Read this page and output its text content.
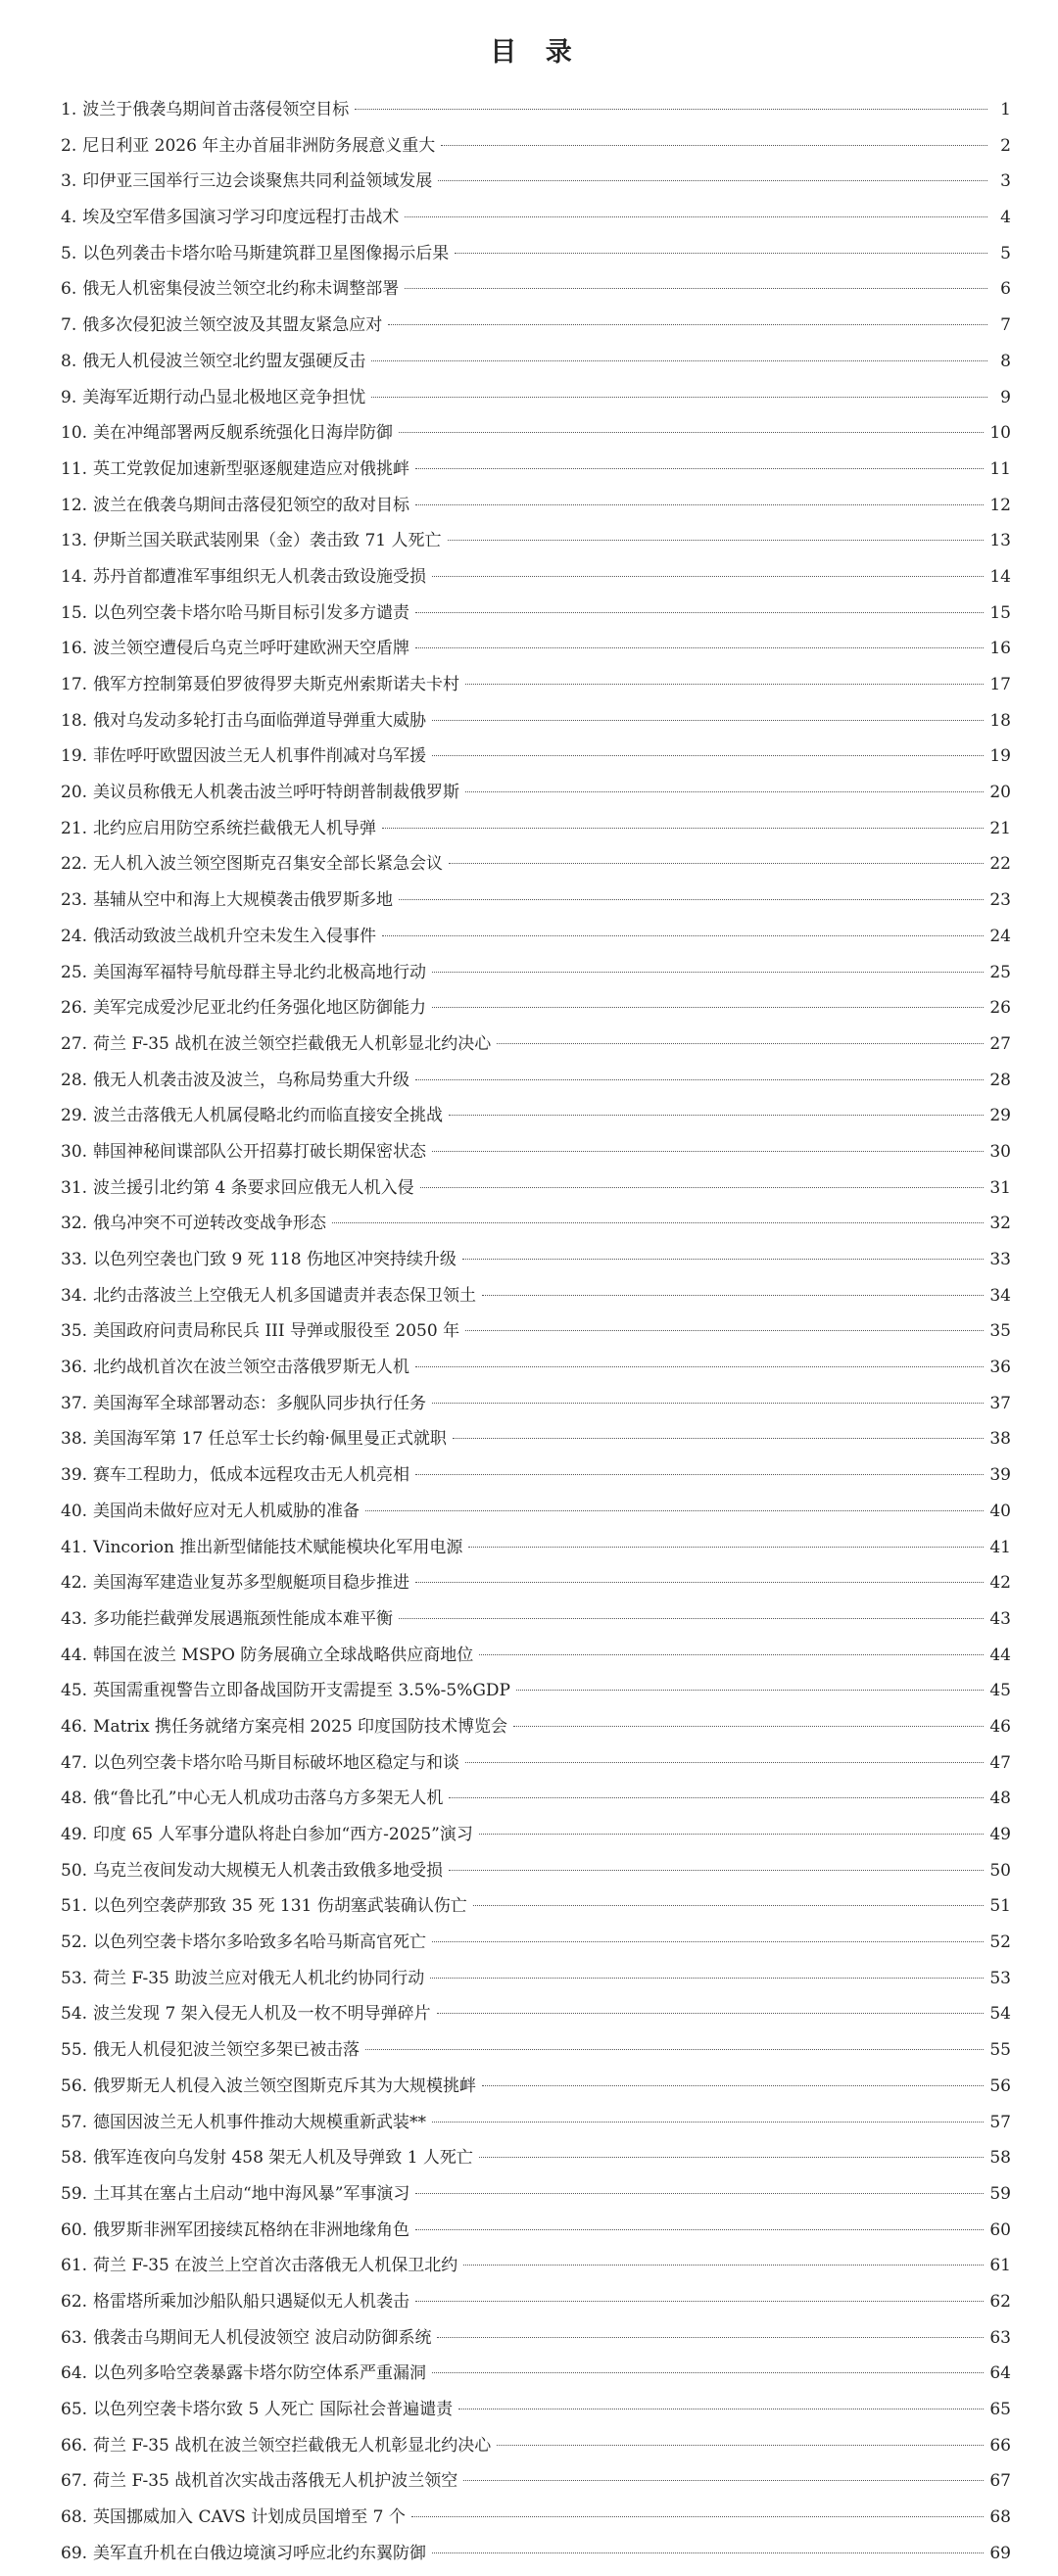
目 录
1. 波兰于俄袭乌期间首击落侵领空目标	1
2. 尼日利亚 2026 年主办首届非洲防务展意义重大	2
3. 印伊亚三国举行三边会谈聚焦共同利益领域发展	3
4. 埃及空军借多国演习学习印度远程打击战术	4
5. 以色列袭击卡塔尔哈马斯建筑群卫星图像揭示后果	5
6. 俄无人机密集侵波兰领空北约称未调整部署	6
7. 俄多次侵犯波兰领空波及其盟友紧急应对	7
8. 俄无人机侵波兰领空北约盟友强硬反击	8
9. 美海军近期行动凸显北极地区竞争担忧	9
10. 美在冲绳部署两反舰系统强化日海岸防御	10
11. 英工党敦促加速新型驱逐舰建造应对俄挑衅	11
12. 波兰在俄袭乌期间击落侵犯领空的敌对目标	12
13. 伊斯兰国关联武装刚果（金）袭击致 71 人死亡	13
14. 苏丹首都遭准军事组织无人机袭击致设施受损	14
15. 以色列空袭卡塔尔哈马斯目标引发多方谴责	15
16. 波兰领空遭侵后乌克兰呼吁建欧洲天空盾牌	16
17. 俄军方控制第聂伯罗彼得罗夫斯克州索斯诺夫卡村	17
18. 俄对乌发动多轮打击乌面临弹道导弹重大威胁	18
19. 菲佐呼吁欧盟因波兰无人机事件削减对乌军援	19
20. 美议员称俄无人机袭击波兰呼吁特朗普制裁俄罗斯	20
21. 北约应启用防空系统拦截俄无人机导弹	21
22. 无人机入波兰领空图斯克召集安全部长紧急会议	22
23. 基辅从空中和海上大规模袭击俄罗斯多地	23
24. 俄活动致波兰战机升空未发生入侵事件	24
25. 美国海军福特号航母群主导北约北极高地行动	25
26. 美军完成爱沙尼亚北约任务强化地区防御能力	26
27. 荷兰 F-35 战机在波兰领空拦截俄无人机彰显北约决心	27
28. 俄无人机袭击波及波兰，乌称局势重大升级	28
29. 波兰击落俄无人机属侵略北约而临直接安全挑战	29
30. 韩国神秘间谍部队公开招募打破长期保密状态	30
31. 波兰援引北约第 4 条要求回应俄无人机入侵	31
32. 俄乌冲突不可逆转改变战争形态	32
33. 以色列空袭也门致 9 死 118 伤地区冲突持续升级	33
34. 北约击落波兰上空俄无人机多国谴责并表态保卫领土	34
35. 美国政府问责局称民兵 III 导弹或服役至 2050 年	35
36. 北约战机首次在波兰领空击落俄罗斯无人机	36
37. 美国海军全球部署动态：多舰队同步执行任务	37
38. 美国海军第 17 任总军士长约翰·佩里曼正式就职	38
39. 赛车工程助力，低成本远程攻击无人机亮相	39
40. 美国尚未做好应对无人机威胁的准备	40
41. Vincorion 推出新型储能技术赋能模块化军用电源	41
42. 美国海军建造业复苏多型舰艇项目稳步推进	42
43. 多功能拦截弹发展遇瓶颈性能成本难平衡	43
44. 韩国在波兰 MSPO 防务展确立全球战略供应商地位	44
45. 英国需重视警告立即备战国防开支需提至 3.5%-5%GDP	45
46. Matrix 携任务就绪方案亮相 2025 印度国防技术博览会	46
47. 以色列空袭卡塔尔哈马斯目标破坏地区稳定与和谈	47
48. 俄“鲁比孔”中心无人机成功击落乌方多架无人机	48
49. 印度 65 人军事分遣队将赴白参加“西方-2025”演习	49
50. 乌克兰夜间发动大规模无人机袭击致俄多地受损	50
51. 以色列空袭萨那致 35 死 131 伤胡塞武装确认伤亡	51
52. 以色列空袭卡塔尔多哈致多名哈马斯高官死亡	52
53. 荷兰 F-35 助波兰应对俄无人机北约协同行动	53
54. 波兰发现 7 架入侵无人机及一枚不明导弹碎片	54
55. 俄无人机侵犯波兰领空多架已被击落	55
56. 俄罗斯无人机侵入波兰领空图斯克斥其为大规模挑衅	56
57. 德国因波兰无人机事件推动大规模重新武装**	57
58. 俄军连夜向乌发射 458 架无人机及导弹致 1 人死亡	58
59. 土耳其在塞占土启动“地中海风暴”军事演习	59
60. 俄罗斯非洲军团接续瓦格纳在非洲地缘角色	60
61. 荷兰 F-35 在波兰上空首次击落俄无人机保卫北约	61
62. 格雷塔所乘加沙船队船只遇疑似无人机袭击	62
63. 俄袭击乌期间无人机侵波领空 波启动防御系统	63
64. 以色列多哈空袭暴露卡塔尔防空体系严重漏洞	64
65. 以色列空袭卡塔尔致 5 人死亡 国际社会普遍谴责	65
66. 荷兰 F-35 战机在波兰领空拦截俄无人机彰显北约决心	66
67. 荷兰 F-35 战机首次实战击落俄无人机护波兰领空	67
68. 英国挪威加入 CAVS 计划成员国增至 7 个	68
69. 美军直升机在白俄边境演习呼应北约东翼防御	69
